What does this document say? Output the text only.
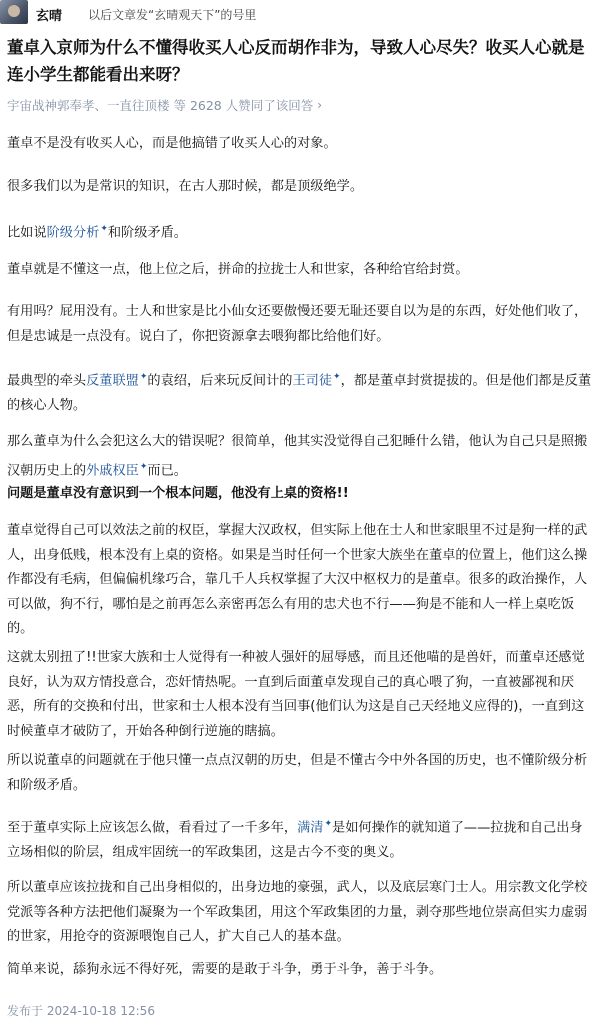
玄晴 以后文章发“玄晴观天下”的号里
董卓入京师为什么不懂得收买人心反而胡作非为，导致人心尽失？收买人心就是连小学生都能看出来呀？
宇宙战神郭奉孝、一直往顶楼 等 2628 人赞同了该回答 ›

董卓不是没有收买人心，而是他搞错了收买人心的对象。

很多我们以为是常识的知识，在古人那时候，都是顶级绝学。

比如说阶级分析✦和阶级矛盾。

董卓就是不懂这一点，他上位之后，拼命的拉拢士人和世家，各种给官给封赏。

有用吗？屁用没有。士人和世家是比小仙女还要傲慢还要无耻还要自以为是的东西，好处他们收了，但是忠诚是一点没有。说白了，你把资源拿去喂狗都比给他们好。

最典型的牵头反董联盟✦的袁绍，后来玩反间计的王司徒✦，都是董卓封赏提拔的。但是他们都是反董的核心人物。

那么董卓为什么会犯这么大的错误呢？很简单，他其实没觉得自己犯睡什么错，他认为自己只是照搬汉朝历史上的外戚权臣✦而已。

问题是董卓没有意识到一个根本问题，他没有上桌的资格!!

董卓觉得自己可以效法之前的权臣，掌握大汉政权，但实际上他在士人和世家眼里不过是狗一样的武人，出身低贱，根本没有上桌的资格。如果是当时任何一个世家大族坐在董卓的位置上，他们这么操作都没有毛病，但偏偏机缘巧合，靠几千人兵权掌握了大汉中枢权力的是董卓。很多的政治操作，人可以做，狗不行，哪怕是之前再怎么亲密再怎么有用的忠犬也不行——狗是不能和人一样上桌吃饭的。

这就太别扭了!!世家大族和士人觉得有一种被人强奸的屈辱感，而且还他喵的是兽奸，而董卓还感觉良好，认为双方情投意合，恋奸情热呢。一直到后面董卓发现自己的真心喂了狗，一直被鄙视和厌恶，所有的交换和付出，世家和士人根本没有当回事(他们认为这是自己天经地义应得的)，一直到这时候董卓才破防了，开始各种倒行逆施的瞎搞。

所以说董卓的问题就在于他只懂一点点汉朝的历史，但是不懂古今中外各国的历史，也不懂阶级分析和阶级矛盾。

至于董卓实际上应该怎么做，看看过了一千多年，满清✦是如何操作的就知道了——拉拢和自己出身立场相似的阶层，组成牢固统一的军政集团，这是古今不变的奥义。

所以董卓应该拉拢和自己出身相似的，出身边地的豪强，武人，以及底层寒门士人。用宗教文化学校党派等各种方法把他们凝聚为一个军政集团，用这个军政集团的力量，剥夺那些地位崇高但实力虚弱的世家，用抢夺的资源喂饱自己人，扩大自己人的基本盘。

简单来说，舔狗永远不得好死，需要的是敢于斗争，勇于斗争，善于斗争。

发布于 2024-10-18 12:56
